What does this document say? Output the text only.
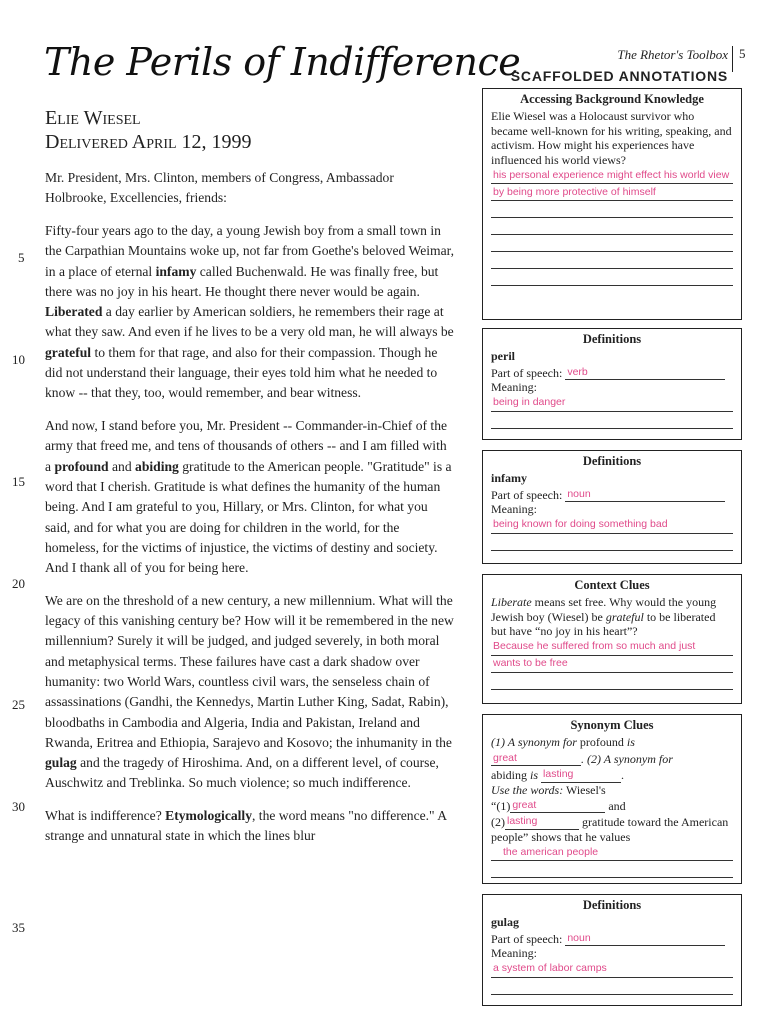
The Perils of Indifference
Elie Wiesel
Delivered April 12, 1999
The Rhetor's Toolbox 5
SCAFFOLDED ANNOTATIONS
5
10
15
20
25
30
35

Mr. President, Mrs. Clinton, members of Congress, Ambassador Holbrooke, Excellencies, friends:

Fifty-four years ago to the day, a young Jewish boy from a small town in the Carpathian Mountains woke up, not far from Goethe's beloved Weimar, in a place of eternal infamy called Buchenwald. He was finally free, but there was no joy in his heart. He thought there never would be again. Liberated a day earlier by American soldiers, he remembers their rage at what they saw. And even if he lives to be a very old man, he will always be grateful to them for that rage, and also for their compassion. Though he did not understand their language, their eyes told him what he needed to know -- that they, too, would remember, and bear witness.

And now, I stand before you, Mr. President -- Commander-in-Chief of the army that freed me, and tens of thousands of others -- and I am filled with a profound and abiding gratitude to the American people. "Gratitude" is a word that I cherish. Gratitude is what defines the humanity of the human being. And I am grateful to you, Hillary, or Mrs. Clinton, for what you said, and for what you are doing for children in the world, for the homeless, for the victims of injustice, the victims of destiny and society. And I thank all of you for being here.

We are on the threshold of a new century, a new millennium. What will the legacy of this vanishing century be? How will it be remembered in the new millennium? Surely it will be judged, and judged severely, in both moral and metaphysical terms. These failures have cast a dark shadow over humanity: two World Wars, countless civil wars, the senseless chain of assassinations (Gandhi, the Kennedys, Martin Luther King, Sadat, Rabin), bloodbaths in Cambodia and Algeria, India and Pakistan, Ireland and Rwanda, Eritrea and Ethiopia, Sarajevo and Kosovo; the inhumanity in the gulag and the tragedy of Hiroshima. And, on a different level, of course, Auschwitz and Treblinka. So much violence; so much indifference.

What is indifference? Etymologically, the word means "no difference." A strange and unnatural state in which the lines blur

Accessing Background Knowledge
Elie Wiesel was a Holocaust survivor who became well-known for his writing, speaking, and activism. How might his experiences have influenced his world views?
his personal experience might effect his world view
by being more protective of himself
Definitions
peril
Part of speech: verb
Meaning:
being in danger
Definitions
infamy
Part of speech: noun
Meaning:
being known for doing something bad
Context Clues
Liberate means set free. Why would the young Jewish boy (Wiesel) be grateful to be liberated but have “no joy in his heart”?
Because he suffered from so much and just
wants to be free
Synonym Clues
(1) A synonym for profound is
great	. (2) A synonym for
abiding is lasting	.
Use the words: Wiesel's
“(1) great	and
(2) lasting	gratitude toward the American people” shows that he values
the american people
Definitions
gulag
Part of speech: noun
Meaning:
a system of labor camps
